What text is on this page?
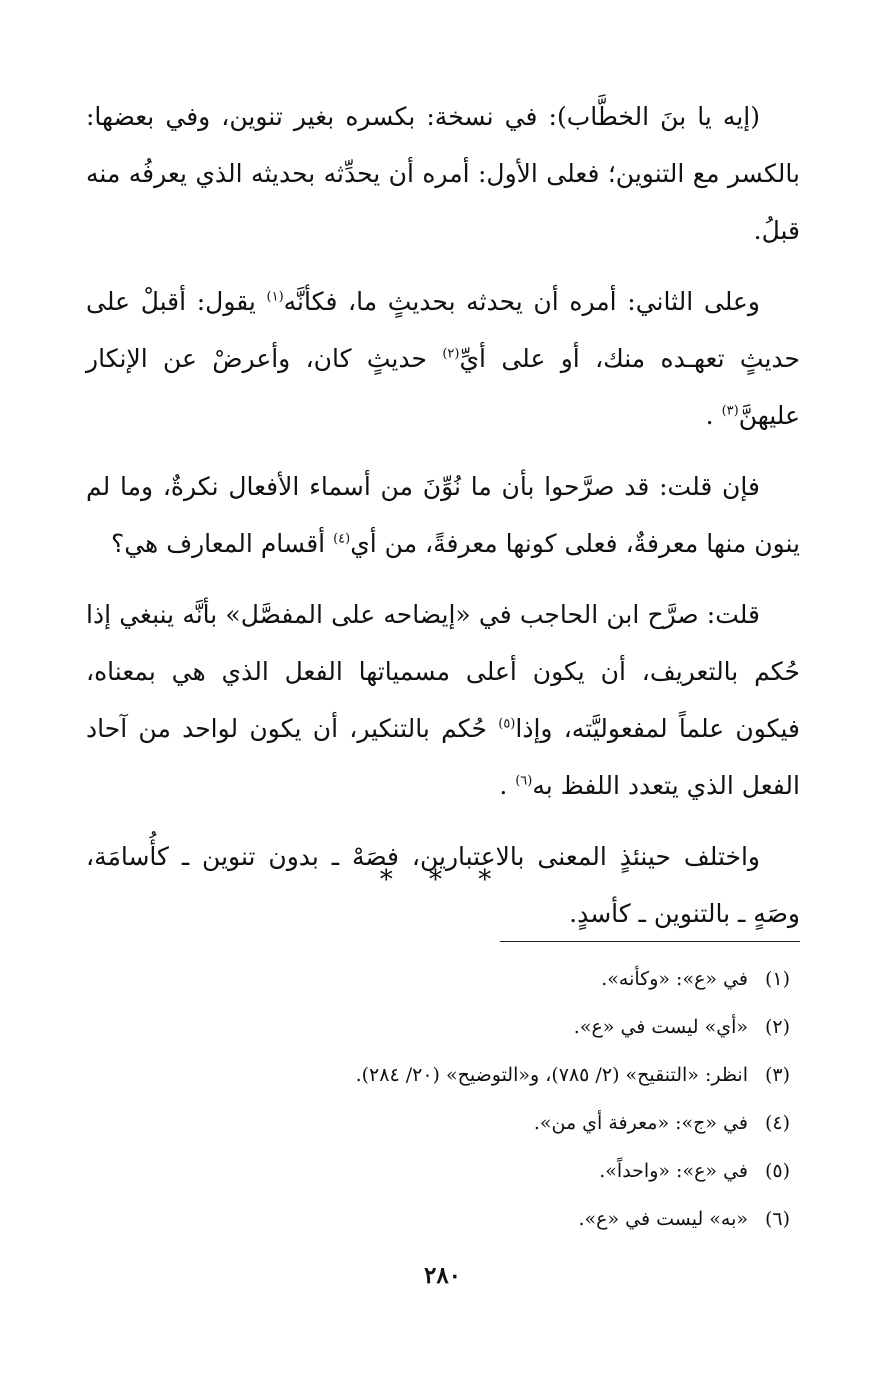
(إيه يا بنَ الخطَّاب): في نسخة: بكسره بغير تنوين، وفي بعضها: بالكسر مع التنوين؛ فعلى الأول: أمره أن يحدِّثه بحديثه الذي يعرفُه منه قبلُ.

وعلى الثاني: أمره أن يحدثه بحديثٍ ما، فكأنَّه$^{(١)}$ يقول: أقبلْ على حديثٍ تعهـده منك، أو على أيِّ$^{(٢)}$ حديثٍ كان، وأعرضْ عن الإنكار عليهنَّ$^{(٣)}$ .

فإن قلت: قد صرَّحوا بأن ما نُوِّنَ من أسماء الأفعال نكرةٌ، وما لم ينون منها معرفةٌ، فعلى كونها معرفةً، من أي$^{(٤)}$ أقسام المعارف هي؟

قلت: صرَّح ابن الحاجب في «إيضاحه على المفصَّل» بأنَّه ينبغي إذا حُكم بالتعريف، أن يكون أعلى مسمياتها الفعل الذي هي بمعناه، فيكون علماً لمفعوليَّته، وإذا$^{(٥)}$ حُكم بالتنكير، أن يكون لواحد من آحاد الفعل الذي يتعدد اللفظ به$^{(٦)}$ .

واختلف حينئذٍ المعنى بالاعتبارين، فصَهْ ـ بدون تنوين ـ كأُسامَة، وصَهٍ ـ بالتنوين ـ كأسدٍ.

* * *
(١)
في «ع»: «وكأنه».
(٢)
«أي» ليست في «ع».
(٣)
انظر: «التنقيح» (٢/ ٧٨٥)، و«التوضيح» (٢٠/ ٢٨٤).
(٤)
في «ج»: «معرفة أي من».
(٥)
في «ع»: «واحداً».
(٦)
«به» ليست في «ع».
٢٨٠
